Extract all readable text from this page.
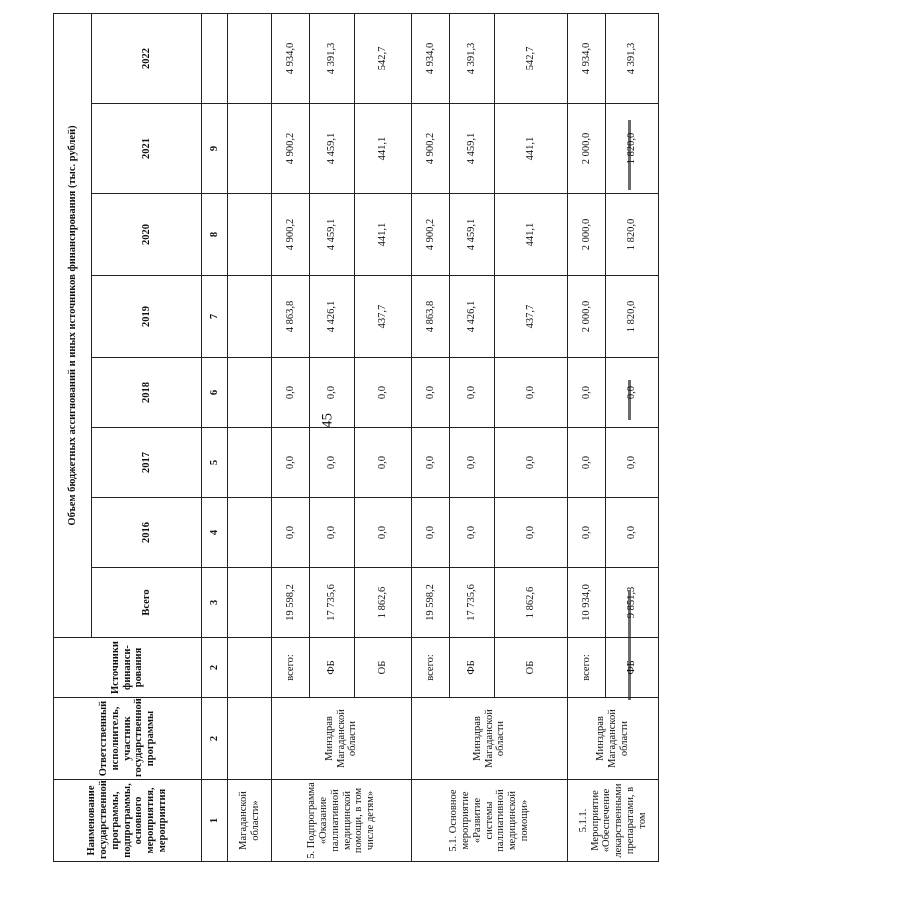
45
Наименование государственной программы, подпрограммы, основного мероприятия, мероприятия	Ответственный исполнитель, участник государственной программы	Источники финанси-рования	Объем бюджетных ассигнований и иных источников финансирования (тыс. рублей)							
			Всего	2016	2017	2018	2019	2020	2021	2022

1	2	2	3	4	5	6	7	8	9	
Магаданской области»										
5. Подпрограмма «Оказание паллиативной медицинской помощи, в том числе детям»	Минздрав Магаданской области	всего:	19 598,2	0,0	0,0	0,0	4 863,8	4 900,2	4 900,2	4 934,0
		ФБ	17 735,6	0,0	0,0	0,0	4 426,1	4 459,1	4 459,1	4 391,3
		ОБ	1 862,6	0,0	0,0	0,0	437,7	441,1	441,1	542,7
5.1. Основное мероприятие «Развитие системы паллиативной медицинской помощи»	Минздрав Магаданской области	всего:	19 598,2	0,0	0,0	0,0	4 863,8	4 900,2	4 900,2	4 934,0
		ФБ	17 735,6	0,0	0,0	0,0	4 426,1	4 459,1	4 459,1	4 391,3
		ОБ	1 862,6	0,0	0,0	0,0	437,7	441,1	441,1	542,7
5.1.1. Мероприятие «Обеспечение лекарственными препаратами, в том	Минздрав Магаданской области	всего:	10 934,0	0,0	0,0	0,0	2 000,0	2 000,0	2 000,0	4 934,0
		ФБ	9 851,3	0,0	0,0	0,0	1 820,0	1 820,0	1 820,0	4 391,3
